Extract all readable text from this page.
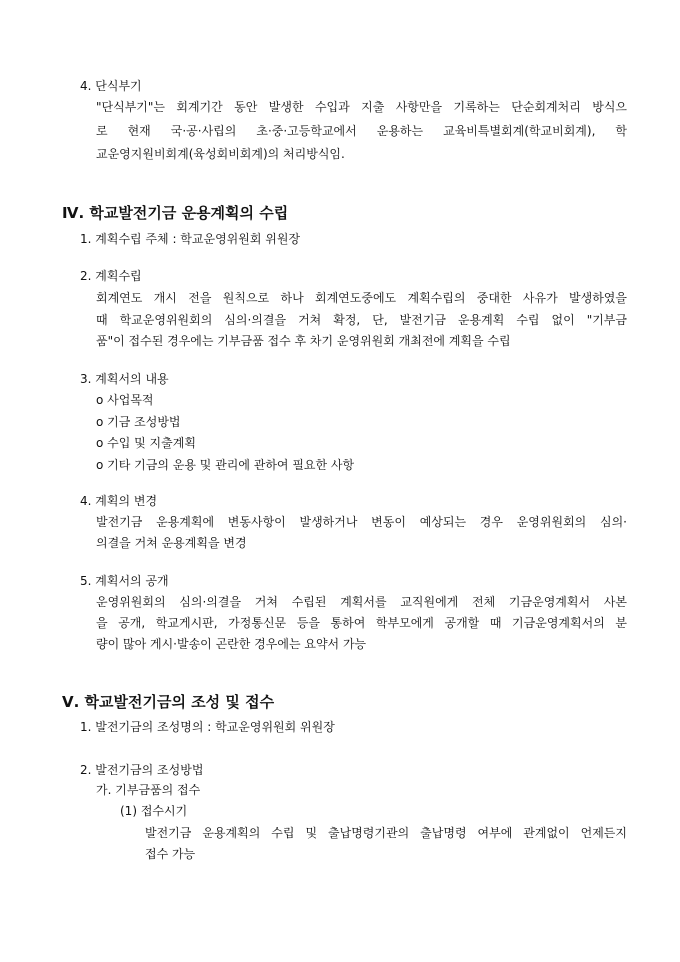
4. 단식부기
"단식부기"는 회계기간 동안 발생한 수입과 지출 사항만을 기록하는 단순회계처리 방식으
로 현재 국·공·사립의 초·중·고등학교에서 운용하는 교육비특별회계(학교비회계), 학
교운영지원비회계(육성회비회계)의 처리방식임.
Ⅳ. 학교발전기금 운용계획의 수립
1. 계획수립 주체 : 학교운영위원회 위원장
2. 계획수립
회계연도 개시 전을 원칙으로 하나 회계연도중에도 계획수립의 중대한 사유가 발생하였을
때 학교운영위원회의 심의·의결을 거쳐 확정, 단, 발전기금 운용계획 수립 없이 "기부금
품"이 접수된 경우에는 기부금품 접수 후 차기 운영위원회 개최전에 계획을 수립
3. 계획서의 내용
o 사업목적
o 기금 조성방법
o 수입 및 지출계획
o 기타 기금의 운용 및 관리에 관하여 필요한 사항
4. 계획의 변경
발전기금 운용계획에 변동사항이 발생하거나 변동이 예상되는 경우 운영위원회의 심의·
의결을 거쳐 운용계획을 변경
5. 계획서의 공개
운영위원회의 심의·의결을 거쳐 수립된 계획서를 교직원에게 전체 기금운영계획서 사본
을 공개, 학교게시판, 가정통신문 등을 통하여 학부모에게 공개할 때 기금운영계획서의 분
량이 많아 게시·발송이 곤란한 경우에는 요약서 가능
Ⅴ. 학교발전기금의 조성 및 접수
1. 발전기금의 조성명의 : 학교운영위원회 위원장
2. 발전기금의 조성방법
가. 기부금품의 접수
(1) 접수시기
발전기금 운용계획의 수립 및 출납명령기관의 출납명령 여부에 관계없이 언제든지
접수 가능
